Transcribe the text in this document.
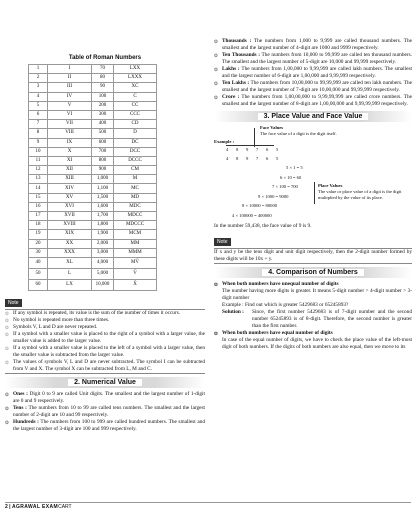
Table of Roman Numbers
1	I	70	LXX
2	II	80	LXXX
3	III	90	XC
4	IV	100	C
5	V	200	CC
6	VI	300	CCC
7	VII	400	CD
8	VIII	500	D
9	IX	600	DC
10	X	700	DCC
11	XI	800	DCCC
12	XII	900	CM
13	XIII	1,000	M
14	XIV	1,100	MC
15	XV	1,500	MD
16	XVI	1,600	MDC
17	XVII	1,700	MDCC
18	XVIII	1,800	MDCCC
19	XIX	1,900	MCM
20	XX	2,000	MM
30	XXX	3,000	MMM
40	XL	4,000	MV̄
50	L	5,000	V̄
60	LX	10,000	X̄
Note
❂ If any symbol is repeated, its value is the sum of the number of times it occurs.
❂ No symbol is repeated more than three times.
❂ Symbols V, L and D are never repeated.
❂ If a symbol with a smaller value is placed to the right of a symbol with a larger value, the smaller value is added to the larger value.
❂ If a symbol with a smaller value is placed to the left of a symbol with a larger value, then the smaller value is subtracted from the larger value.
❂ The values of symbols V, L and D are never subtracted. The symbol I can be subtracted from V and X. The symbol X can be subtracted from L, M and C.
2. Numerical Value
❂ Ones : Digit 0 to 9 are called Unit digits. The smallest and the largest number of 1-digit are 0 and 9 respectively.
❂ Tens : The numbers from 10 to 99 are called tens numbers. The smallest and the largest number of 2-digit are 10 and 99 respectively.
❂ Hundreds : The numbers from 100 to 999 are called hundred numbers. The smallest and the largest number of 3-digit are 100 and 999 respectively.
❂ Thousands : The numbers from 1,000 to 9,999 are called thousand numbers. The smallest and the largest number of 4-digit are 1000 and 9999 respectively.
❂ Ten Thousands : The numbers from 10,000 to 99,999 are called ten thousand numbers. The smallest and the largest number of 5-digit are 10,000 and 99,999 respectively.
❂ Lakhs : The numbers from 1,00,000 to 9,99,999 are called lakh numbers. The smallest and the largest number of 6-digit are 1,00,000 and 9,99,999 respectively.
❂ Ten Lakhs : The numbers from 10,00,000 to 99,99,999 are called ten lakh numbers. The smallest and the largest number of 7-digit are 10,00,000 and 99,99,999 respectively.
❂ Crore : The numbers from 1,00,00,000 to 9,99,99,999 are called crore numbers. The smallest and the largest number of 8-digit are 1,00,00,000 and 9,99,99,999 respectively.
3. Place Value and Face Value
Face Values
The face value of a digit is the digit itself.
Example :
4 8 9 7 6 5
4 8 9 7 6 5
5 × 1 = 5
6 × 10 = 60
7 × 100 = 700
9 × 1000 = 9000
8 × 10000 = 80000
4 × 100000 = 400000
Place Values
The value or place value of a digit is the digit multiplied by the value of its place.
In the number 59,438, the face value of 9 is 9.
Note
If x and y be the tens digit and unit digit respectively, then the 2-digit number formed by these digits will be 10x + y.
4. Comparison of Numbers
❂ When both numbers have unequal number of digits
The number having more digits is greater. It means 5-digit number > 4-digit number > 3-digit number
Example : Find out which is greater 5429683 or 65245893?
Solution :	Since, the first number 5429683 is of 7-digit number and the second number 65245893 is of 8-digit. Therefore, the second number is greater than the first number.
❂ When both numbers have equal number of digits
In case of the equal number of digits, we have to check the place value of the left-most digit of both numbers. If the digits of both numbers are also equal, then we move to its
2 | AGRAWAL EXAMCART
